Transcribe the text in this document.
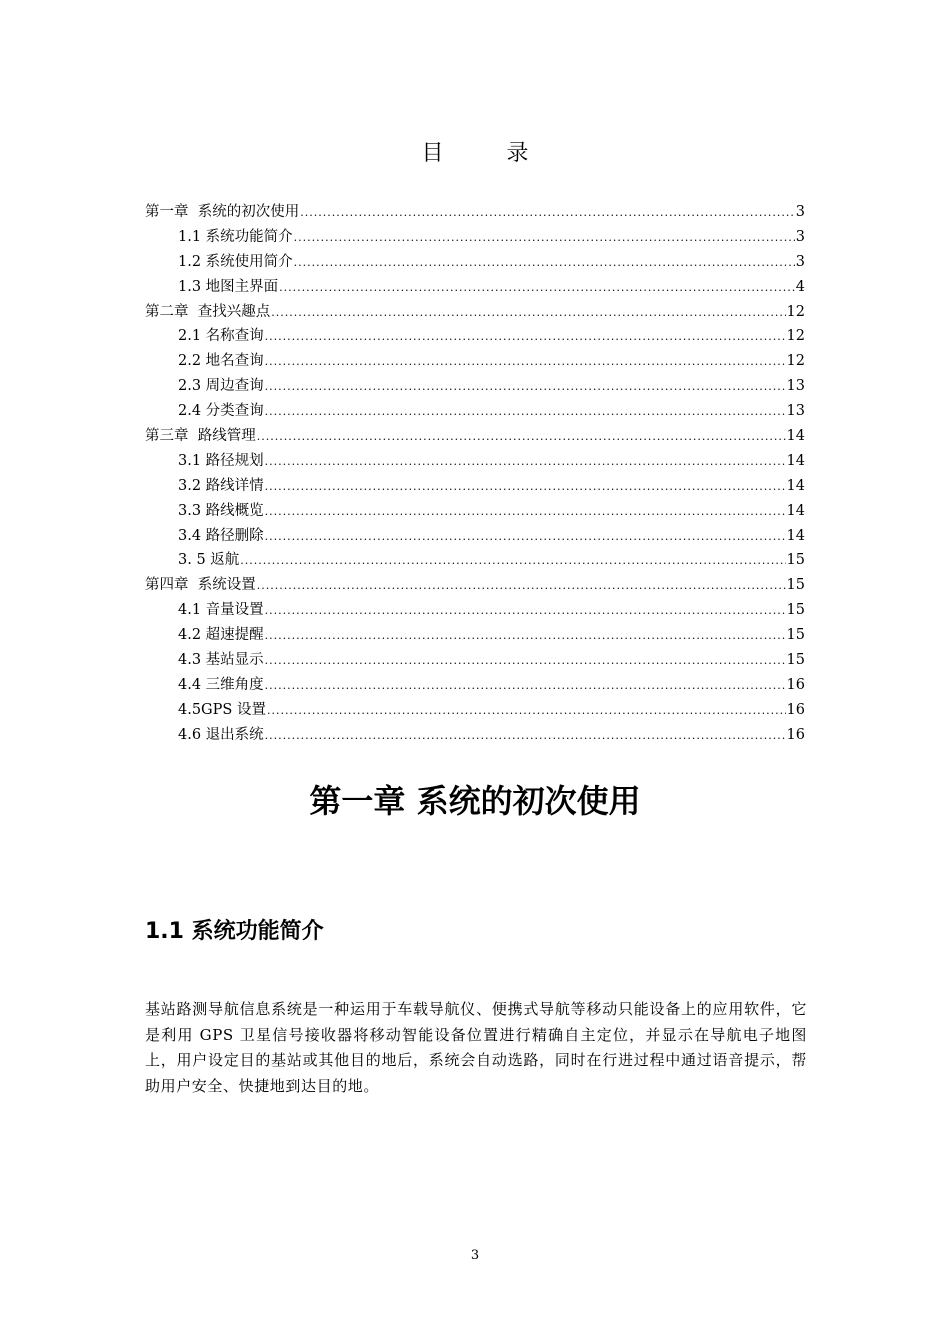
目 录
第一章  系统的初次使用 .....	3
1.1 系统功能简介 .....	3
1.2 系统使用简介 .....	3
1.3 地图主界面 .....	4
第二章  查找兴趣点 .....	12
2.1 名称查询 .....	12
2.2 地名查询 .....	12
2.3 周边查询 .....	13
2.4 分类查询 .....	13
第三章  路线管理 .....	14
3.1 路径规划 .....	14
3.2 路线详情 .....	14
3.3 路线概览 .....	14
3.4 路径删除 .....	14
3. 5 返航 .....	15
第四章  系统设置 .....	15
4.1 音量设置 .....	15
4.2 超速提醒 .....	15
4.3 基站显示 .....	15
4.4 三维角度 .....	16
4.5GPS 设置 .....	16
4.6 退出系统 .....	16
第一章 系统的初次使用
1.1 系统功能简介
基站路测导航信息系统是一种运用于车载导航仪、便携式导航等移动只能设备上的应用软件，它是利用 GPS 卫星信号接收器将移动智能设备位置进行精确自主定位，并显示在导航电子地图上，用户设定目的基站或其他目的地后，系统会自动选路，同时在行进过程中通过语音提示，帮助用户安全、快捷地到达目的地。
3
